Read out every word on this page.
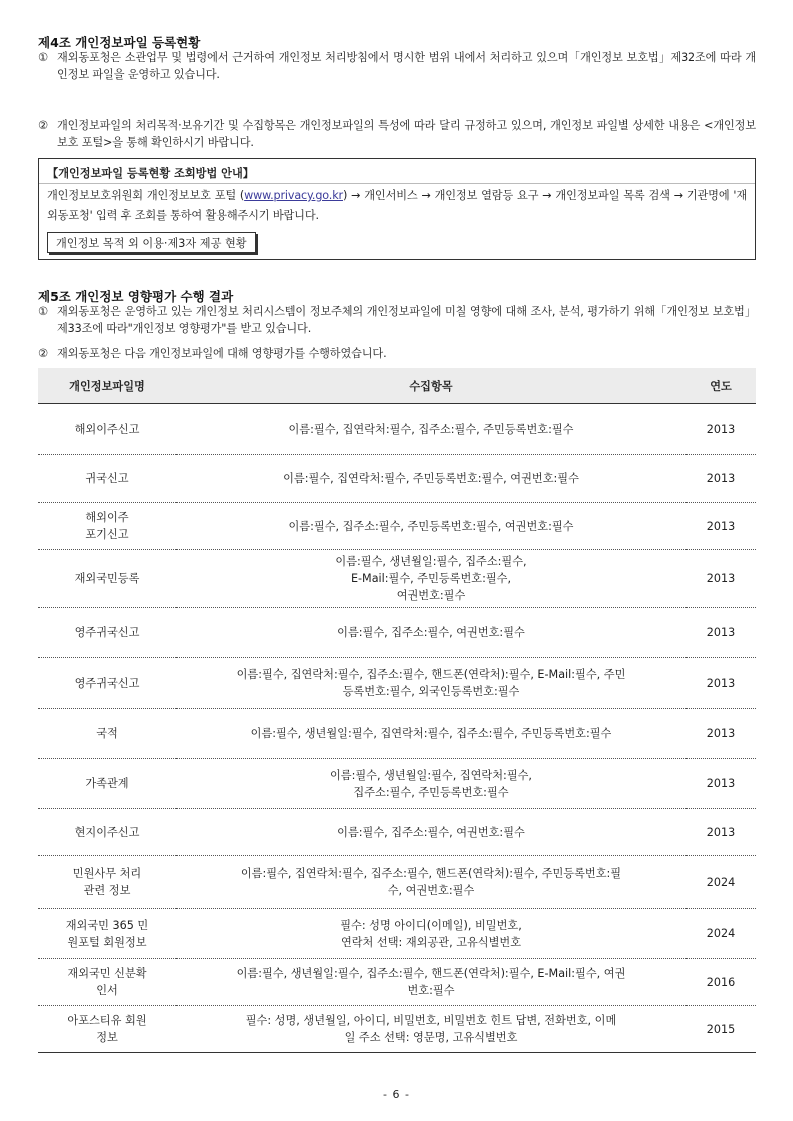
제4조 개인정보파일 등록현황
① 재외동포청은 소관업무 및 법령에서 근거하여 개인정보 처리방침에서 명시한 범위 내에서 처리하고 있으며「개인정보 보호법」제32조에 따라 개인정보 파일을 운영하고 있습니다.
② 개인정보파일의 처리목적·보유기간 및 수집항목은 개인정보파일의 특성에 따라 달리 규정하고 있으며, 개인정보 파일별 상세한 내용은 <개인정보보호 포털>을 통해 확인하시기 바랍니다.
【개인정보파일 등록현황 조회방법 안내】
개인정보보호위원회 개인정보보호 포털 (www.privacy.go.kr) → 개인서비스 → 개인정보 열람등 요구 → 개인정보파일 목록 검색 → 기관명에 '재외동포청' 입력 후 조회를 통하여 활용해주시기 바랍니다.
개인정보 목적 외 이용·제3자 제공 현황
제5조 개인정보 영향평가 수행 결과
① 재외동포청은 운영하고 있는 개인정보 처리시스템이 정보주체의 개인정보파일에 미칠 영향에 대해 조사, 분석, 평가하기 위해「개인정보 보호법」제33조에 따라"개인정보 영향평가"를 받고 있습니다.
② 재외동포청은 다음 개인정보파일에 대해 영향평가를 수행하였습니다.
개인정보파일명	수집항목	연도
해외이주신고	이름:필수, 집연락처:필수, 집주소:필수, 주민등록번호:필수	2013
귀국신고	이름:필수, 집연락처:필수, 주민등록번호:필수, 여권번호:필수	2013
해외이주
포기신고	이름:필수, 집주소:필수, 주민등록번호:필수, 여권번호:필수	2013
재외국민등록	이름:필수, 생년월일:필수, 집주소:필수,
E-Mail:필수, 주민등록번호:필수,
여권번호:필수	2013
영주귀국신고	이름:필수, 집주소:필수, 여권번호:필수	2013
영주귀국신고	이름:필수, 집연락처:필수, 집주소:필수, 핸드폰(연락처):필수, E-Mail:필수, 주민
등록번호:필수, 외국인등록번호:필수	2013
국적	이름:필수, 생년월일:필수, 집연락처:필수, 집주소:필수, 주민등록번호:필수	2013
가족관계	이름:필수, 생년월일:필수, 집연락처:필수,
집주소:필수, 주민등록번호:필수	2013
현지이주신고	이름:필수, 집주소:필수, 여권번호:필수	2013
민원사무 처리
관련 정보	이름:필수, 집연락처:필수, 집주소:필수, 핸드폰(연락처):필수, 주민등록번호:필
수, 여권번호:필수	2024
재외국민 365 민
원포털 회원정보	필수: 성명 아이디(이메일), 비밀번호,
연락처 선택: 재외공관, 고유식별번호	2024
재외국민 신분확
인서	이름:필수, 생년월일:필수, 집주소:필수, 핸드폰(연락처):필수, E-Mail:필수, 여권
번호:필수	2016
아포스티유 회원
정보	필수: 성명, 생년월일, 아이디, 비밀번호, 비밀번호 힌트 답변, 전화번호, 이메
일 주소 선택: 영문명, 고유식별번호	2015
- 6 -
